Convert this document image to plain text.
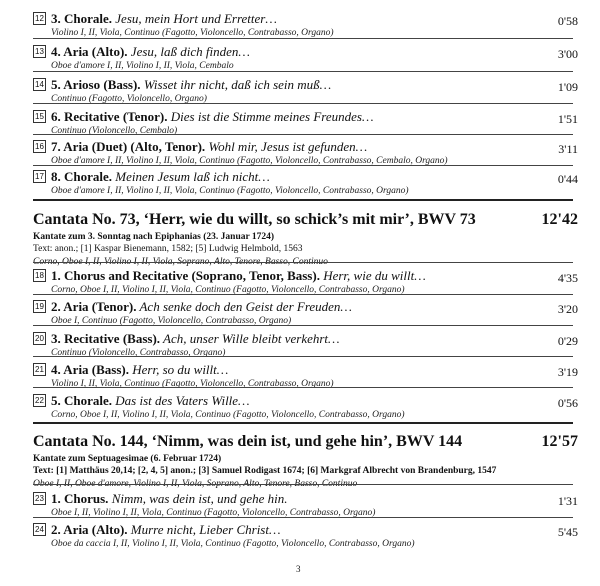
12 3. Chorale. Jesu, mein Hort und Erretter…
Violino I, II, Viola, Continuo (Fagotto, Violoncello, Contrabasso, Organo)
0'58
13 4. Aria (Alto). Jesu, laß dich finden…
Oboe d'amore I, II, Violino I, II, Viola, Cembalo
3'00
14 5. Arioso (Bass). Wisset ihr nicht, daß ich sein muß…
Continuo (Fagotto, Violoncello, Organo)
1'09
15 6. Recitative (Tenor). Dies ist die Stimme meines Freundes…
Continuo (Violoncello, Cembalo)
1'51
16 7. Aria (Duet) (Alto, Tenor). Wohl mir, Jesus ist gefunden…
Oboe d'amore I, II, Violino I, II, Viola, Continuo (Fagotto, Violoncello, Contrabasso, Cembalo, Organo)
3'11
17 8. Chorale. Meinen Jesum laß ich nicht…
Oboe d'amore I, II, Violino I, II, Viola, Continuo (Fagotto, Violoncello, Contrabasso, Organo)
0'44
Cantata No. 73, ‘Herr, wie du willt, so schick’s mit mir’, BWV 73	12'42
Kantate zum 3. Sonntag nach Epiphanias (23. Januar 1724)
Text: anon.; [1] Kaspar Bienemann, 1582; [5] Ludwig Helmbold, 1563
Corno, Oboe I, II, Violino I, II, Viola, Soprano, Alto, Tenore, Basso, Continuo
18 1. Chorus and Recitative (Soprano, Tenor, Bass). Herr, wie du willt…
Corno, Oboe I, II, Violino I, II, Viola, Continuo (Fagotto, Violoncello, Contrabasso, Organo)
4'35
19 2. Aria (Tenor). Ach senke doch den Geist der Freuden…
Oboe I, Continuo (Fagotto, Violoncello, Contrabasso, Organo)
3'20
20 3. Recitative (Bass). Ach, unser Wille bleibt verkehrt…
Continuo (Violoncello, Contrabasso, Organo)
0'29
21 4. Aria (Bass). Herr, so du willt…
Violino I, II, Viola, Continuo (Fagotto, Violoncello, Contrabasso, Organo)
3'19
22 5. Chorale. Das ist des Vaters Wille…
Corno, Oboe I, II, Violino I, II, Viola, Continuo (Fagotto, Violoncello, Contrabasso, Organo)
0'56
Cantata No. 144, ‘Nimm, was dein ist, und gehe hin’, BWV 144	12'57
Kantate zum Septuagesimae (6. Februar 1724)
Text: [1] Matthäus 20,14; [2, 4, 5] anon.; [3] Samuel Rodigast 1674; [6] Markgraf Albrecht von Brandenburg, 1547
Oboe I, II, Oboe d'amore, Violino I, II, Viola, Soprano, Alto, Tenore, Basso, Continuo
23 1. Chorus. Nimm, was dein ist, und gehe hin.
Oboe I, II, Violino I, II, Viola, Continuo (Fagotto, Violoncello, Contrabasso, Organo)
1'31
24 2. Aria (Alto). Murre nicht, Lieber Christ…
Oboe da caccia I, II, Violino I, II, Viola, Continuo (Fagotto, Violoncello, Contrabasso, Organo)
5'45
3
